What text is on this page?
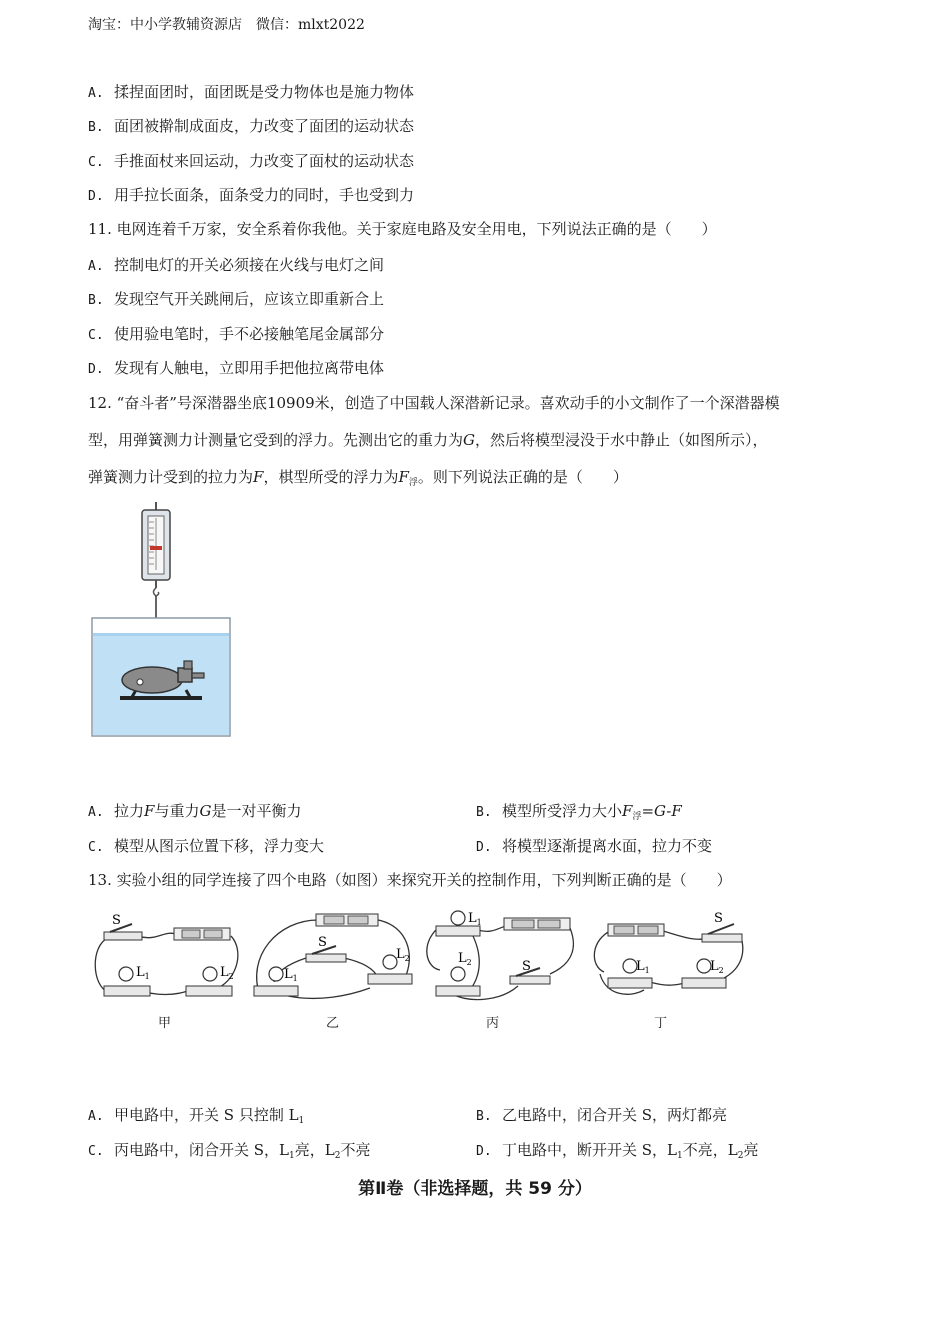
淘宝：中小学教辅资源店　微信：mlxt2022
A. 揉捏面团时，面团既是受力物体也是施力物体
B. 面团被擀制成面皮，力改变了面团的运动状态
C. 手推面杖来回运动，力改变了面杖的运动状态
D. 用手拉长面条，面条受力的同时，手也受到力
11. 电网连着千万家，安全系着你我他。关于家庭电路及安全用电，下列说法正确的是（　　）
A. 控制电灯的开关必须接在火线与电灯之间
B. 发现空气开关跳闸后，应该立即重新合上
C. 使用验电笔时，手不必接触笔尾金属部分
D. 发现有人触电，立即用手把他拉离带电体
12. “奋斗者”号深潜器坐底10909米，创造了中国载人深潜新记录。喜欢动手的小文制作了一个深潜器模
型，用弹簧测力计测量它受到的浮力。先测出它的重力为G，然后将模型浸没于水中静止（如图所示），
弹簧测力计受到的拉力为F，棋型所受的浮力为$F_浮$。则下列说法正确的是（　　）
A. 拉力F与重力G是一对平衡力	B. 模型所受浮力大小$F_浮=G-F$
C. 模型从图示位置下移，浮力变大	D. 将模型逐渐提离水面，拉力不变
13. 实验小组的同学连接了四个电路（如图）来探究开关的控制作用，下列判断正确的是（　　）
S
$L_1$	$L_2$
甲
S
$L_1$
$L_2$
乙
$L_1$
$L_2$	S
丙
S
$L_1$	$L_2$
丁
A. 甲电路中，开关 S 只控制 $L_1$	B. 乙电路中，闭合开关 S，两灯都亮
C. 丙电路中，闭合开关 S，$L_1$亮，$L_2$不亮	D. 丁电路中，断开开关 S，$L_1$不亮，$L_2$亮
第Ⅱ卷（非选择题，共 59 分）
